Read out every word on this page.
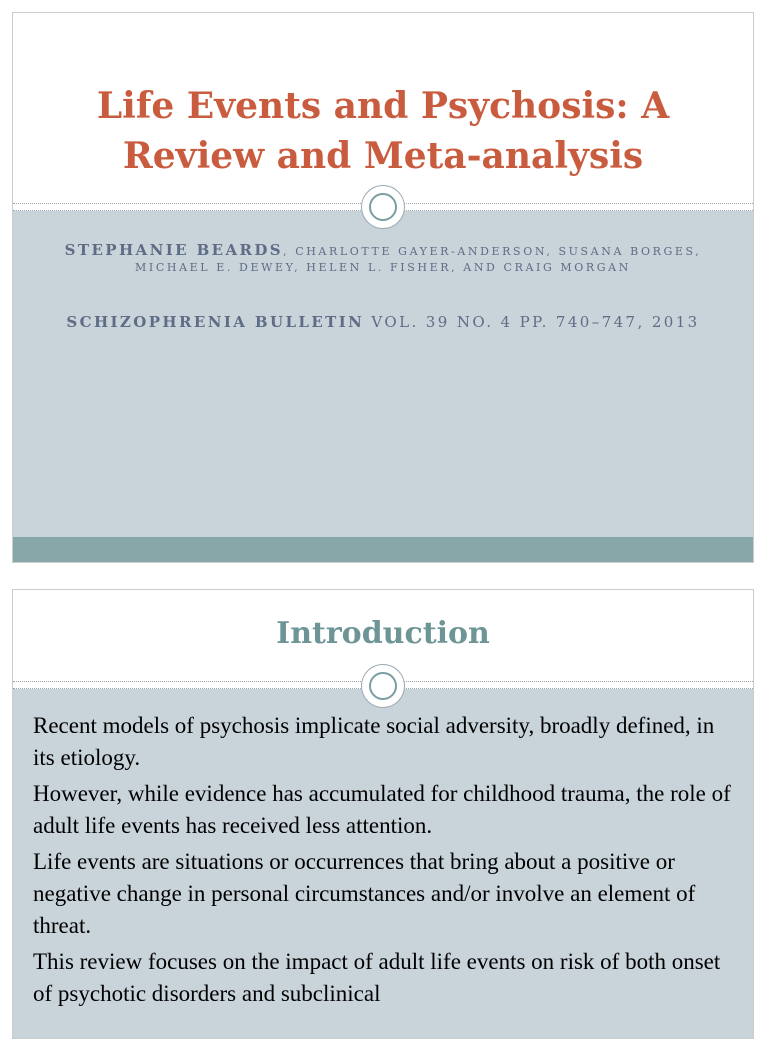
Life Events and Psychosis: A Review and Meta-analysis
STEPHANIE BEARDS, CHARLOTTE GAYER-ANDERSON, SUSANA BORGES, MICHAEL E. DEWEY, HELEN L. FISHER, AND CRAIG MORGAN
SCHIZOPHRENIA BULLETIN VOL. 39 NO. 4 PP. 740–747, 2013
Introduction
Recent models of psychosis implicate social adversity, broadly defined, in its etiology.
However, while evidence has accumulated for childhood trauma, the role of adult life events has received less attention.
Life events are situations or occurrences that bring about a positive or negative change in personal circumstances and/or involve an element of threat.
This review focuses on the impact of adult life events on risk of both onset of psychotic disorders and subclinical
